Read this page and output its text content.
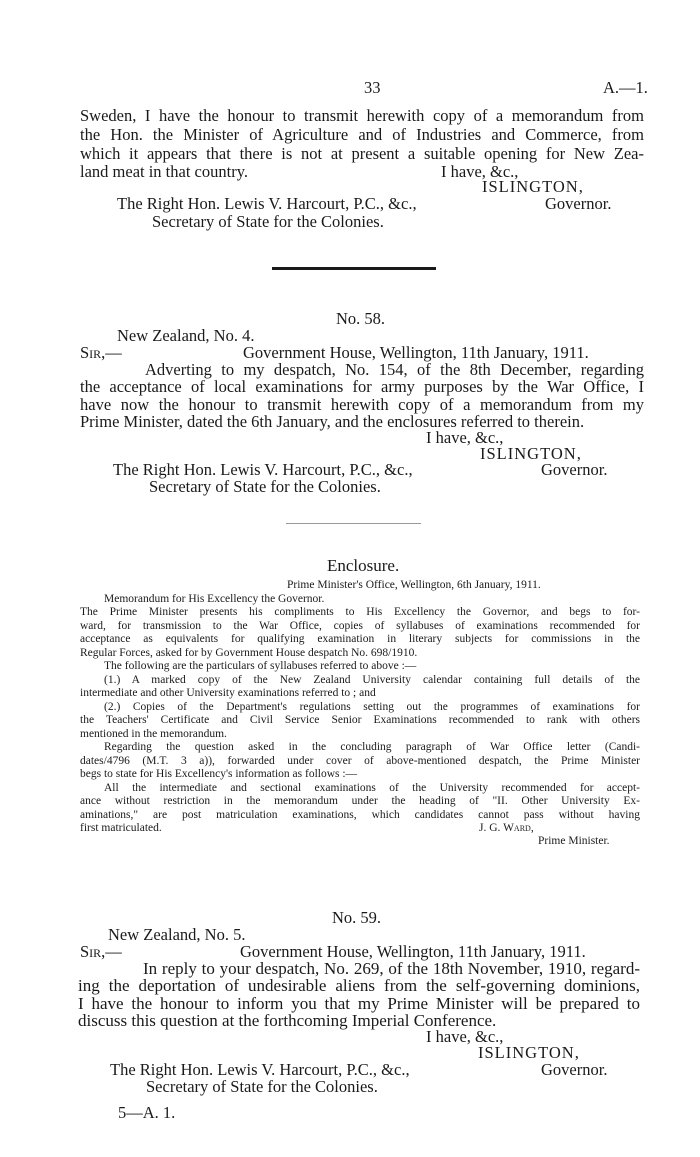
33	A.—1.
Sweden, I have the honour to transmit herewith copy of a memorandum from
the Hon. the Minister of Agriculture and of Industries and Commerce, from
which it appears that there is not at present a suitable opening for New Zea-
land meat in that country.	I have, &c.,
ISLINGTON,
The Right Hon. Lewis V. Harcourt, P.C., &c.,	Governor.
Secretary of State for the Colonies.
No. 58.
New Zealand, No. 4.
Sir,—	Government House, Wellington, 11th January, 1911.
Adverting to my despatch, No. 154, of the 8th December, regarding
the acceptance of local examinations for army purposes by the War Office, I
have now the honour to transmit herewith copy of a memorandum from my
Prime Minister, dated the 6th January, and the enclosures referred to therein.
I have, &c.,
ISLINGTON,
The Right Hon. Lewis V. Harcourt, P.C., &c.,	Governor.
Secretary of State for the Colonies.
Enclosure.
Prime Minister's Office, Wellington, 6th January, 1911.
Memorandum for His Excellency the Governor.
The Prime Minister presents his compliments to His Excellency the Governor, and begs to for-
ward, for transmission to the War Office, copies of syllabuses of examinations recommended for
acceptance as equivalents for qualifying examination in literary subjects for commissions in the
Regular Forces, asked for by Government House despatch No. 698/1910.
The following are the particulars of syllabuses referred to above :—
(1.) A marked copy of the New Zealand University calendar containing full details of the
intermediate and other University examinations referred to ; and
(2.) Copies of the Department's regulations setting out the programmes of examinations for
the Teachers' Certificate and Civil Service Senior Examinations recommended to rank with others
mentioned in the memorandum.
Regarding the question asked in the concluding paragraph of War Office letter (Candi-
dates/4796 (M.T. 3 a)), forwarded under cover of above-mentioned despatch, the Prime Minister
begs to state for His Excellency's information as follows :—
All the intermediate and sectional examinations of the University recommended for accept-
ance without restriction in the memorandum under the heading of "II. Other University Ex-
aminations," are post matriculation examinations, which candidates cannot pass without having
first matriculated.	J. G. Ward,
Prime Minister.
No. 59.
New Zealand, No. 5.
Sir,—	Government House, Wellington, 11th January, 1911.
In reply to your despatch, No. 269, of the 18th November, 1910, regard-
ing the deportation of undesirable aliens from the self-governing dominions,
I have the honour to inform you that my Prime Minister will be prepared to
discuss this question at the forthcoming Imperial Conference.
I have, &c.,
ISLINGTON,
The Right Hon. Lewis V. Harcourt, P.C., &c.,	Governor.
Secretary of State for the Colonies.
5—A. 1.
